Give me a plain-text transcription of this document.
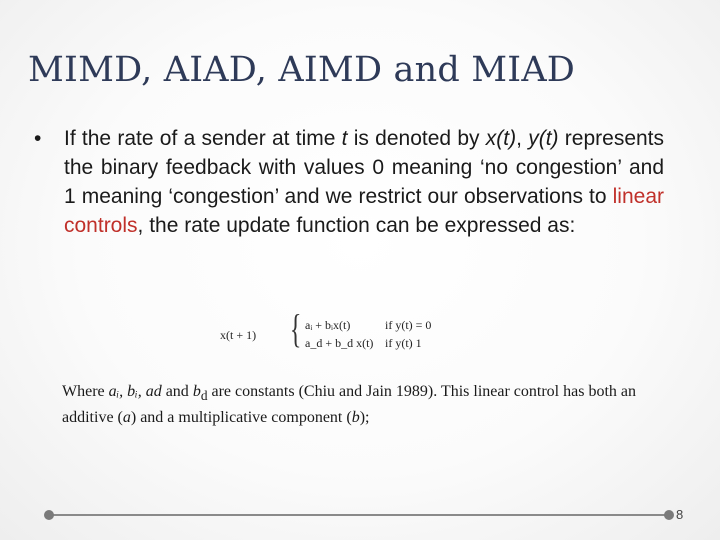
MIMD, AIAD, AIMD and MIAD
• If the rate of a sender at time t is denoted by x(t), y(t) represents the binary feedback with values 0 meaning ‘no congestion’ and 1 meaning ‘congestion’ and we restrict our observations to linear controls, the rate update function can be expressed as:
x(t + 1) { aᵢ + bᵢx(t)
a_d + b_d x(t)
if y(t) = 0
if y(t) 1
Where aᵢ, bᵢ, ad and $b_d$ are constants (Chiu and Jain 1989). This linear control has both an additive (a) and a multiplicative component (b);
8
